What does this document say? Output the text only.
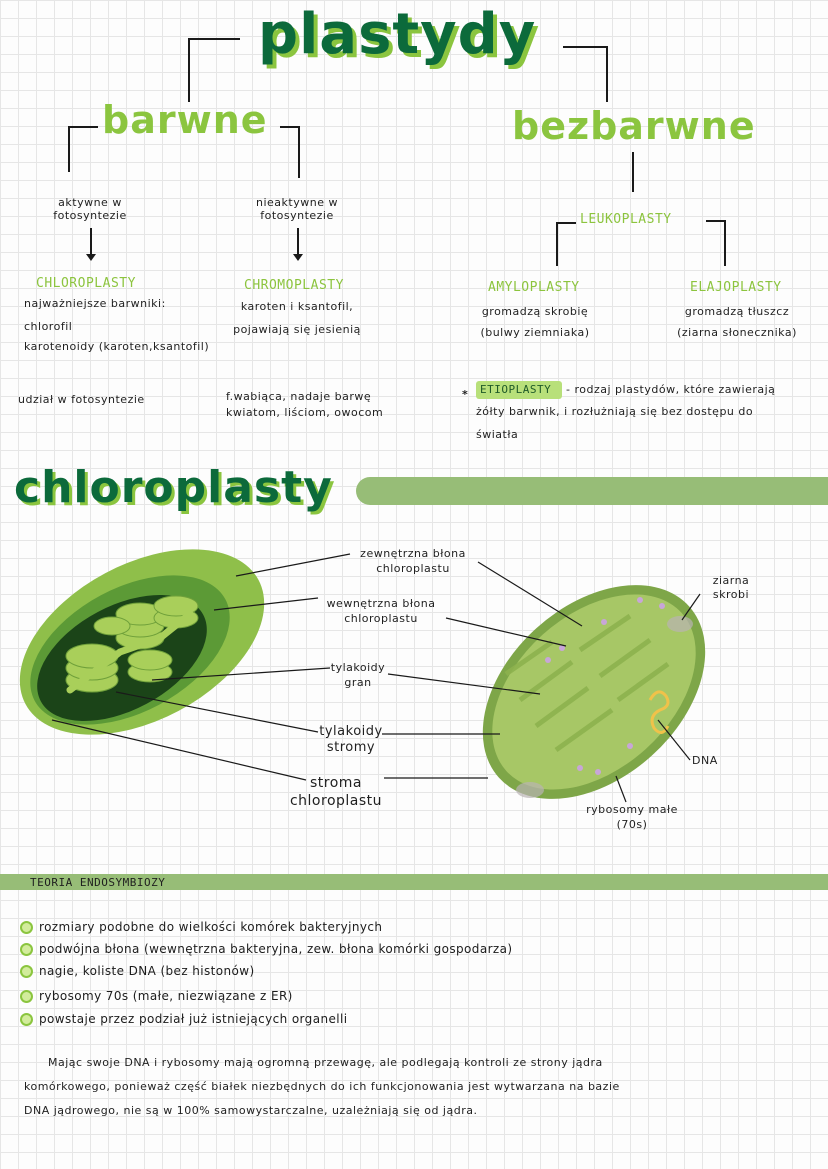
plastydy
barwne	bezbarwne
aktywne w fotosyntezie
nieaktywne w fotosyntezie
CHLOROPLASTY
najważniejsze barwniki:
chlorofil
karotenoidy (karoten,ksantofil)
udział w fotosyntezie
CHROMOPLASTY
karoten i ksantofil,
pojawiają się jesienią
f.wabiąca, nadaje barwę
kwiatom, liściom, owocom
LEUKOPLASTY
AMYLOPLASTY
gromadzą skrobię
(bulwy ziemniaka)
ELAJOPLASTY
gromadzą tłuszcz
(ziarna słonecznika)
* ETIOPLASTY - rodzaj plastydów, które zawierają
żółty barwnik, i rozłużniają się bez dostępu do
światła
chloroplasty
zewnętrzna błona chloroplastu
wewnętrzna błona chloroplastu
tylakoidy gran
tylakoidy stromy
stroma chloroplastu
ziarna skrobi
DNA
rybosomy małe (70s)
TEORIA ENDOSYMBIOZY
rozmiary podobne do wielkości komórek bakteryjnych
podwójna błona (wewnętrzna bakteryjna, zew. błona komórki gospodarza)
nagie, koliste DNA (bez histonów)
rybosomy 70s (małe, niezwiązane z ER)
powstaje przez podział już istniejących organelli
Mając swoje DNA i rybosomy mają ogromną przewagę, ale podlegają kontroli ze strony jądra
komórkowego, ponieważ część białek niezbędnych do ich funkcjonowania jest wytwarzana na bazie
DNA jądrowego, nie są w 100% samowystarczalne, uzależniają się od jądra.
